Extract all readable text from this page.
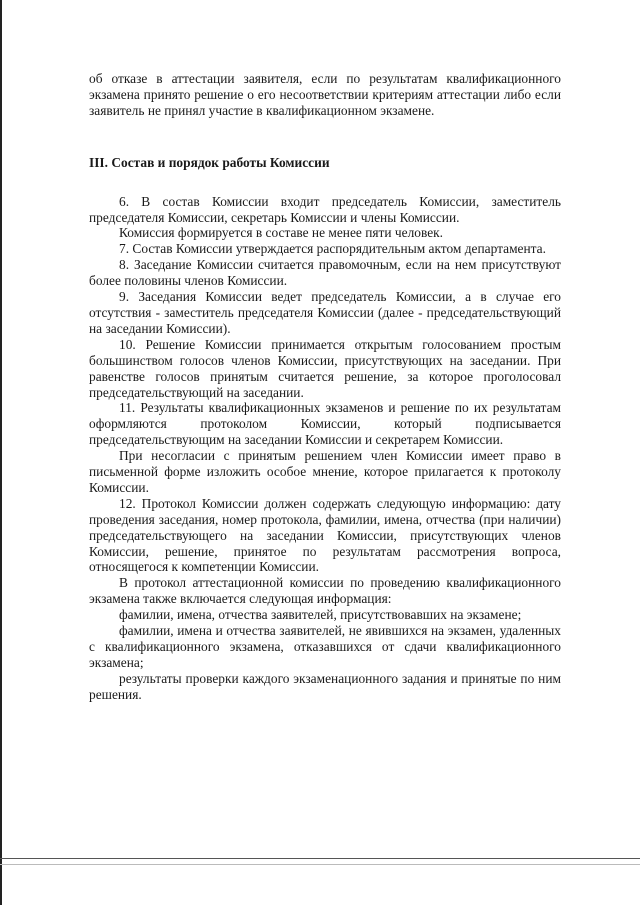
об отказе в аттестации заявителя, если по результатам квалификационного экзамена принято решение о его несоответствии критериям аттестации либо если заявитель не принял участие в квалификационном экзамене.

III. Состав и порядок работы Комиссии

6. В состав Комиссии входит председатель Комиссии, заместитель председателя Комиссии, секретарь Комиссии и члены Комиссии.

Комиссия формируется в составе не менее пяти человек.

7. Состав Комиссии утверждается распорядительным актом департамента.

8. Заседание Комиссии считается правомочным, если на нем присутствуют более половины членов Комиссии.

9. Заседания Комиссии ведет председатель Комиссии, а в случае его отсутствия - заместитель председателя Комиссии (далее - председательствующий на заседании Комиссии).

10. Решение Комиссии принимается открытым голосованием простым большинством голосов членов Комиссии, присутствующих на заседании. При равенстве голосов принятым считается решение, за которое проголосовал председательствующий на заседании.

11. Результаты квалификационных экзаменов и решение по их результатам оформляются протоколом Комиссии, который подписывается председательствующим на заседании Комиссии и секретарем Комиссии.

При несогласии с принятым решением член Комиссии имеет право в письменной форме изложить особое мнение, которое прилагается к протоколу Комиссии.

12. Протокол Комиссии должен содержать следующую информацию: дату проведения заседания, номер протокола, фамилии, имена, отчества (при наличии) председательствующего на заседании Комиссии, присутствующих членов Комиссии, решение, принятое по результатам рассмотрения вопроса, относящегося к компетенции Комиссии.

В протокол аттестационной комиссии по проведению квалификационного экзамена также включается следующая информация:

фамилии, имена, отчества заявителей, присутствовавших на экзамене;

фамилии, имена и отчества заявителей, не явившихся на экзамен, удаленных с квалификационного экзамена, отказавшихся от сдачи квалификационного экзамена;

результаты проверки каждого экзаменационного задания и принятые по ним решения.
